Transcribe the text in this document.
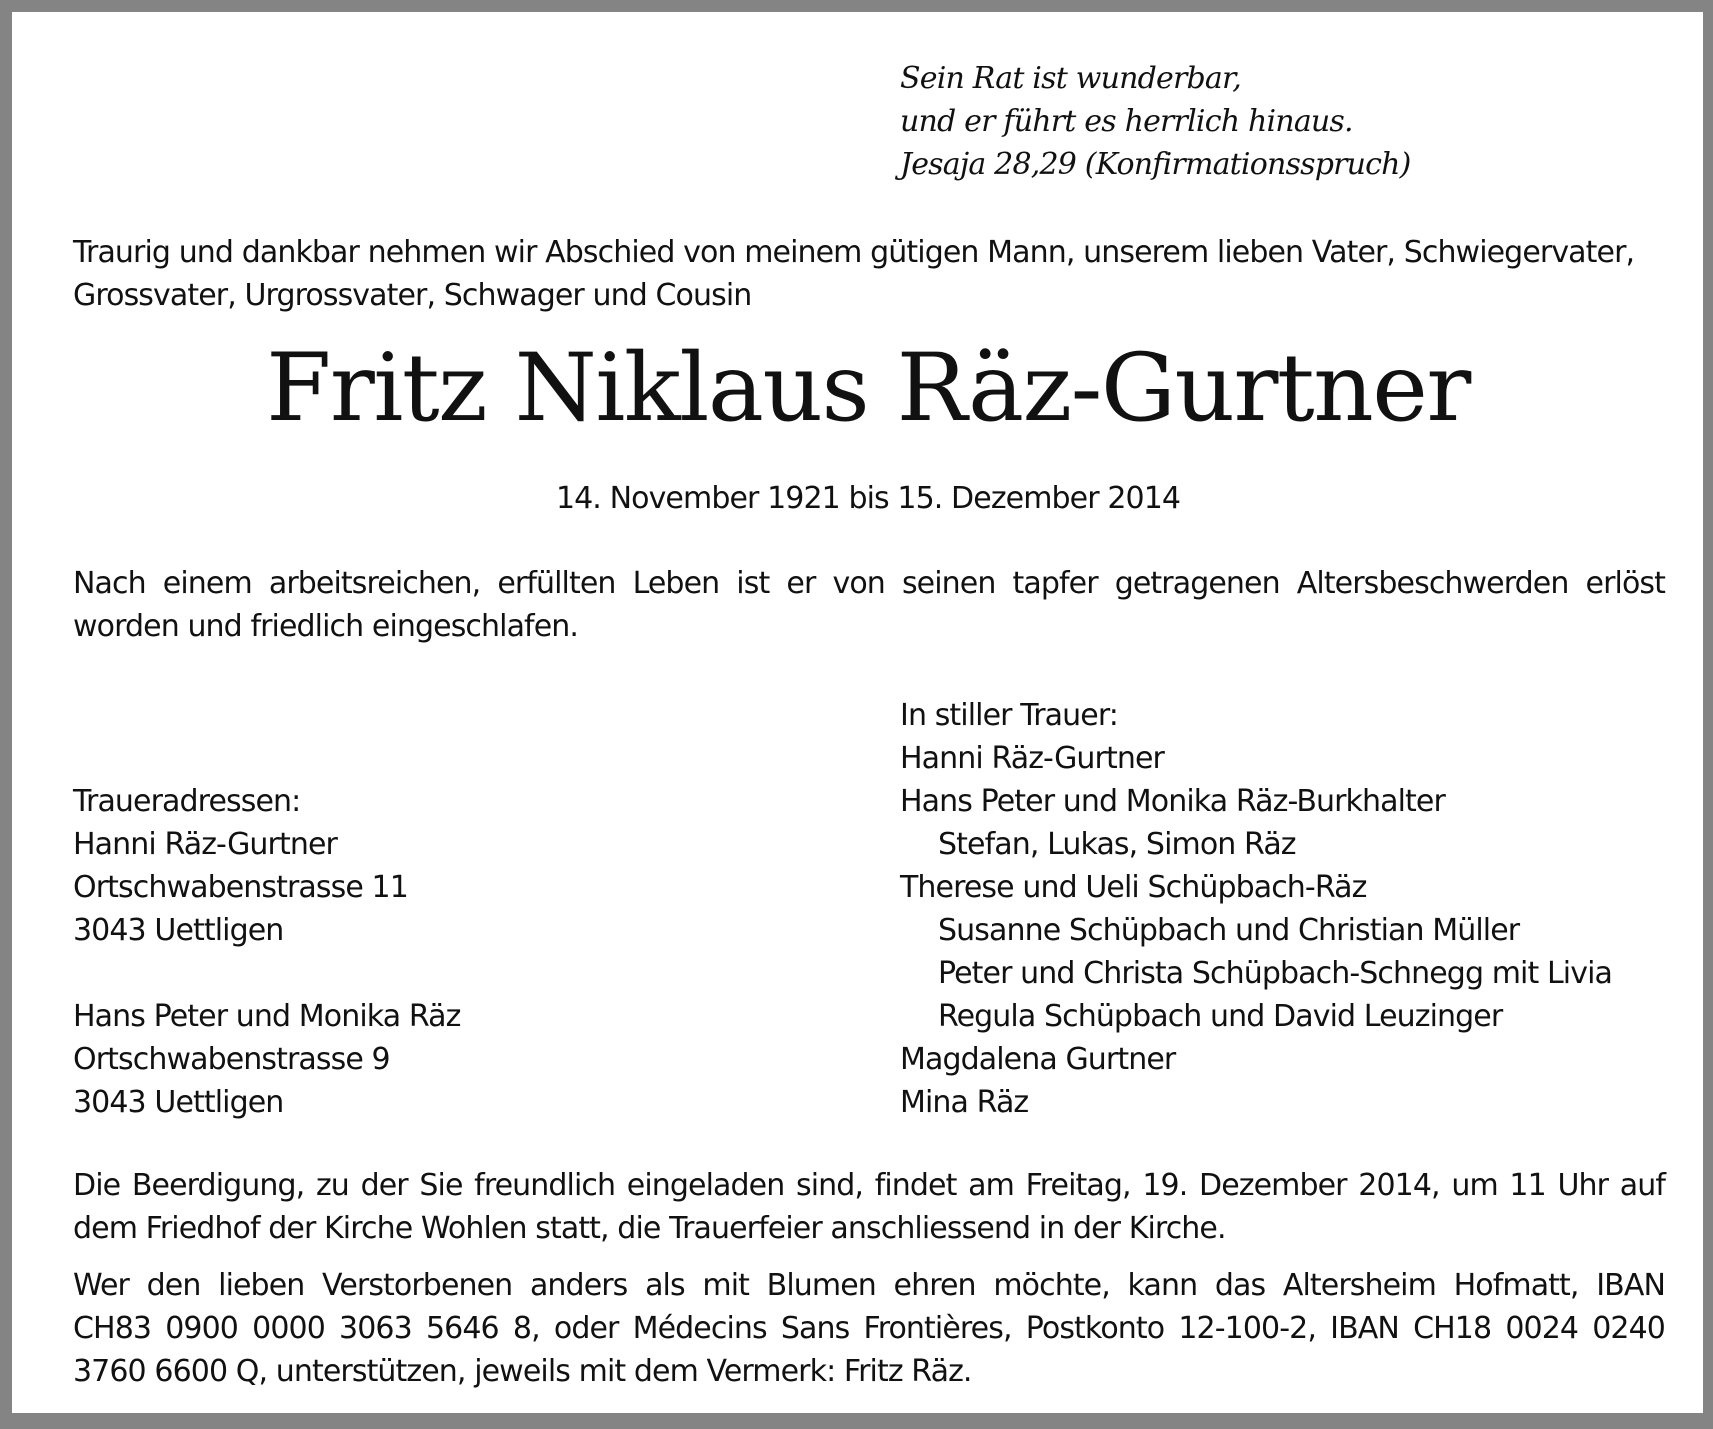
Sein Rat ist wunderbar,
und er führt es herrlich hinaus.
Jesaja 28,29 (Konfirmationsspruch)
Traurig und dankbar nehmen wir Abschied von meinem gütigen Mann, unserem lieben Vater, Schwiegervater,
Grossvater, Urgrossvater, Schwager und Cousin
Fritz Niklaus Räz-Gurtner
14. November 1921 bis 15. Dezember 2014
Nach einem arbeitsreichen, erfüllten Leben ist er von seinen tapfer getragenen Altersbeschwerden erlöst
worden und friedlich eingeschlafen.
Traueradressen:
Hanni Räz-Gurtner
Ortschwabenstrasse 11
3043 Uettligen
Hans Peter und Monika Räz
Ortschwabenstrasse 9
3043 Uettligen
In stiller Trauer:
Hanni Räz-Gurtner
Hans Peter und Monika Räz-Burkhalter
Stefan, Lukas, Simon Räz
Therese und Ueli Schüpbach-Räz
Susanne Schüpbach und Christian Müller
Peter und Christa Schüpbach-Schnegg mit Livia
Regula Schüpbach und David Leuzinger
Magdalena Gurtner
Mina Räz
Die Beerdigung, zu der Sie freundlich eingeladen sind, findet am Freitag, 19. Dezember 2014, um 11 Uhr auf
dem Friedhof der Kirche Wohlen statt, die Trauerfeier anschliessend in der Kirche.
Wer den lieben Verstorbenen anders als mit Blumen ehren möchte, kann das Altersheim Hofmatt, IBAN
CH83 0900 0000 3063 5646 8, oder Médecins Sans Frontières, Postkonto 12-100-2, IBAN CH18 0024 0240
3760 6600 Q, unterstützen, jeweils mit dem Vermerk: Fritz Räz.
